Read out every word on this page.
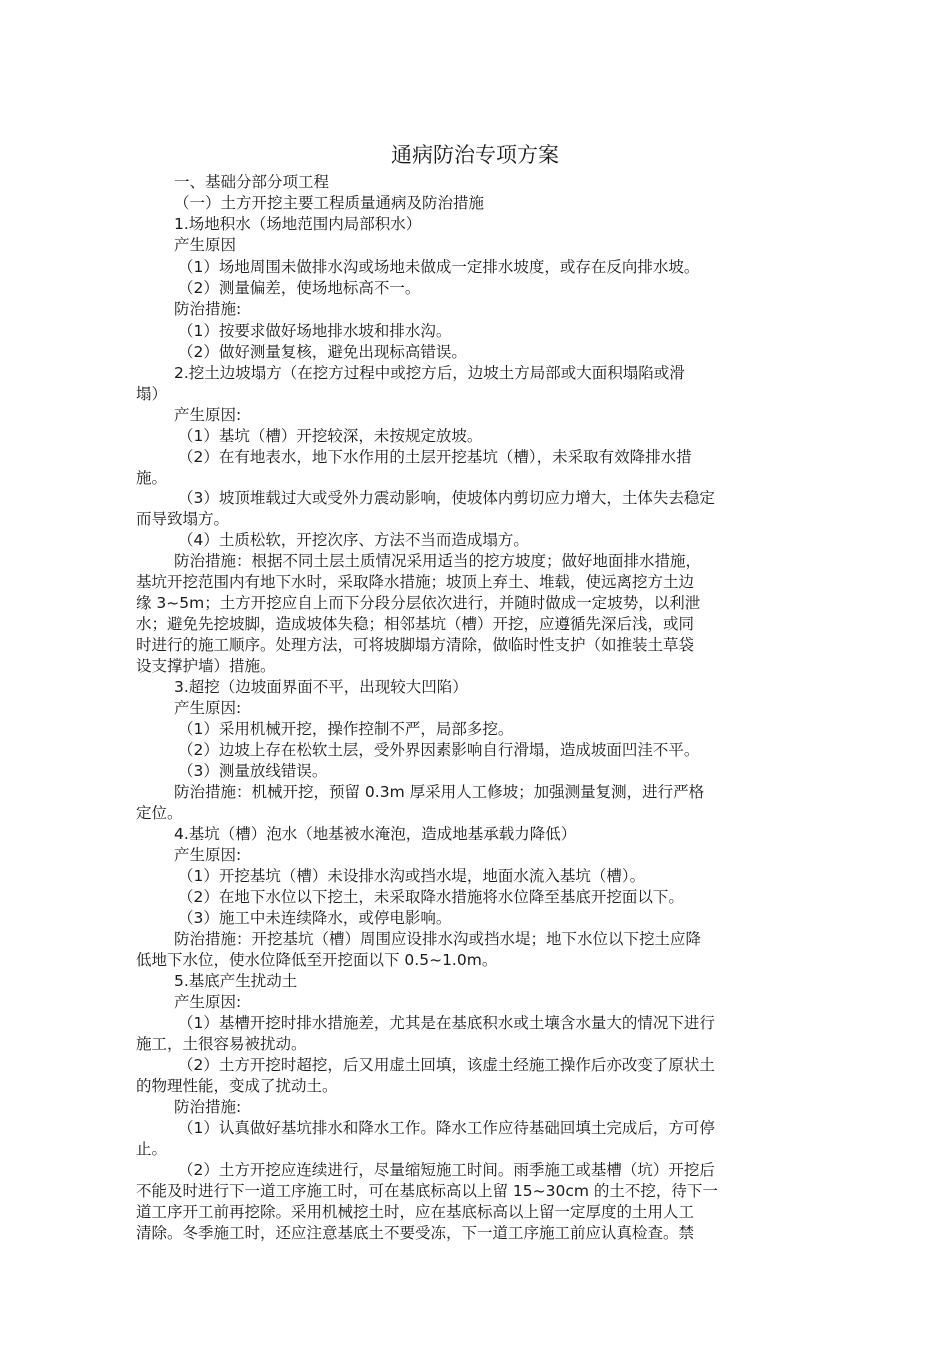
通病防治专项方案
一、基础分部分项工程
（一）土方开挖主要工程质量通病及防治措施
1.场地积水（场地范围内局部积水）
产生原因
（1）场地周围未做排水沟或场地未做成一定排水坡度，或存在反向排水坡。
（2）测量偏差，使场地标高不一。
防治措施:
（1）按要求做好场地排水坡和排水沟。
（2）做好测量复核，避免出现标高错误。
2.挖土边坡塌方（在挖方过程中或挖方后，边坡土方局部或大面积塌陷或滑
塌）
产生原因:
（1）基坑（槽）开挖较深，未按规定放坡。
（2）在有地表水，地下水作用的土层开挖基坑（槽），未采取有效降排水措
施。
（3）坡顶堆载过大或受外力震动影响，使坡体内剪切应力增大，土体失去稳定
而导致塌方。
（4）土质松软，开挖次序、方法不当而造成塌方。
防治措施：根据不同土层土质情况采用适当的挖方坡度；做好地面排水措施，
基坑开挖范围内有地下水时，采取降水措施；坡顶上弃土、堆载，使远离挖方土边
缘 3~5m；土方开挖应自上而下分段分层依次进行，并随时做成一定坡势，以利泄
水；避免先挖坡脚，造成坡体失稳；相邻基坑（槽）开挖，应遵循先深后浅，或同
时进行的施工顺序。处理方法，可将坡脚塌方清除，做临时性支护（如推装土草袋
设支撑护墙）措施。
3.超挖（边坡面界面不平，出现较大凹陷）
产生原因:
（1）采用机械开挖，操作控制不严，局部多挖。
（2）边坡上存在松软土层，受外界因素影响自行滑塌，造成坡面凹洼不平。
（3）测量放线错误。
防治措施：机械开挖，预留 0.3m 厚采用人工修坡；加强测量复测，进行严格
定位。
4.基坑（槽）泡水（地基被水淹泡，造成地基承载力降低）
产生原因:
（1）开挖基坑（槽）未设排水沟或挡水堤，地面水流入基坑（槽）。
（2）在地下水位以下挖土，未采取降水措施将水位降至基底开挖面以下。
（3）施工中未连续降水，或停电影响。
防治措施：开挖基坑（槽）周围应设排水沟或挡水堤；地下水位以下挖土应降
低地下水位，使水位降低至开挖面以下 0.5~1.0m。
5.基底产生扰动土
产生原因:
（1）基槽开挖时排水措施差，尤其是在基底积水或土壤含水量大的情况下进行
施工，土很容易被扰动。
（2）土方开挖时超挖，后又用虚土回填，该虚土经施工操作后亦改变了原状土
的物理性能，变成了扰动土。
防治措施:
（1）认真做好基坑排水和降水工作。降水工作应待基础回填土完成后，方可停
止。
（2）土方开挖应连续进行，尽量缩短施工时间。雨季施工或基槽（坑）开挖后
不能及时进行下一道工序施工时，可在基底标高以上留 15~30cm 的土不挖，待下一
道工序开工前再挖除。采用机械挖土时，应在基底标高以上留一定厚度的土用人工
清除。冬季施工时，还应注意基底土不要受冻，下一道工序施工前应认真检查。禁
